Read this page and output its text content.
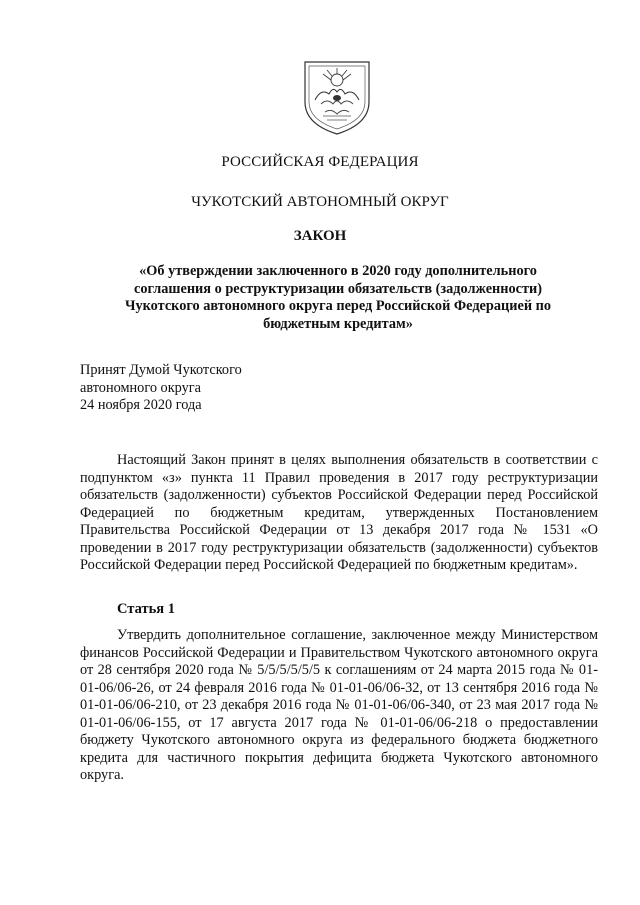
РОССИЙСКАЯ ФЕДЕРАЦИЯ
ЧУКОТСКИЙ АВТОНОМНЫЙ ОКРУГ
ЗАКОН
«Об утверждении заключенного в 2020 году дополнительного соглашения о реструктуризации обязательств (задолженности) Чукотского автономного округа перед Российской Федерацией по бюджетным кредитам»
Принят Думой Чукотского
автономного округа
24 ноября 2020 года
Настоящий Закон принят в целях выполнения обязательств в соответствии с подпунктом «з» пункта 11 Правил проведения в 2017 году реструктуризации обязательств (задолженности) субъектов Российской Федерации перед Российской Федерацией по бюджетным кредитам, утвержденных Постановлением Правительства Российской Федерации от 13 декабря 2017 года № 1531 «О проведении в 2017 году реструктуризации обязательств (задолженности) субъектов Российской Федерации перед Российской Федерацией по бюджетным кредитам».
Статья 1
Утвердить дополнительное соглашение, заключенное между Министерством финансов Российской Федерации и Правительством Чукотского автономного округа от 28 сентября 2020 года № 5/5/5/5/5/5 к соглашениям от 24 марта 2015 года № 01-01-06/06-26, от 24 февраля 2016 года № 01-01-06/06-32, от 13 сентября 2016 года № 01-01-06/06-210, от 23 декабря 2016 года № 01-01-06/06-340, от 23 мая 2017 года № 01-01-06/06-155, от 17 августа 2017 года № 01-01-06/06-218 о предоставлении бюджету Чукотского автономного округа из федерального бюджета бюджетного кредита для частичного покрытия дефицита бюджета Чукотского автономного округа.
